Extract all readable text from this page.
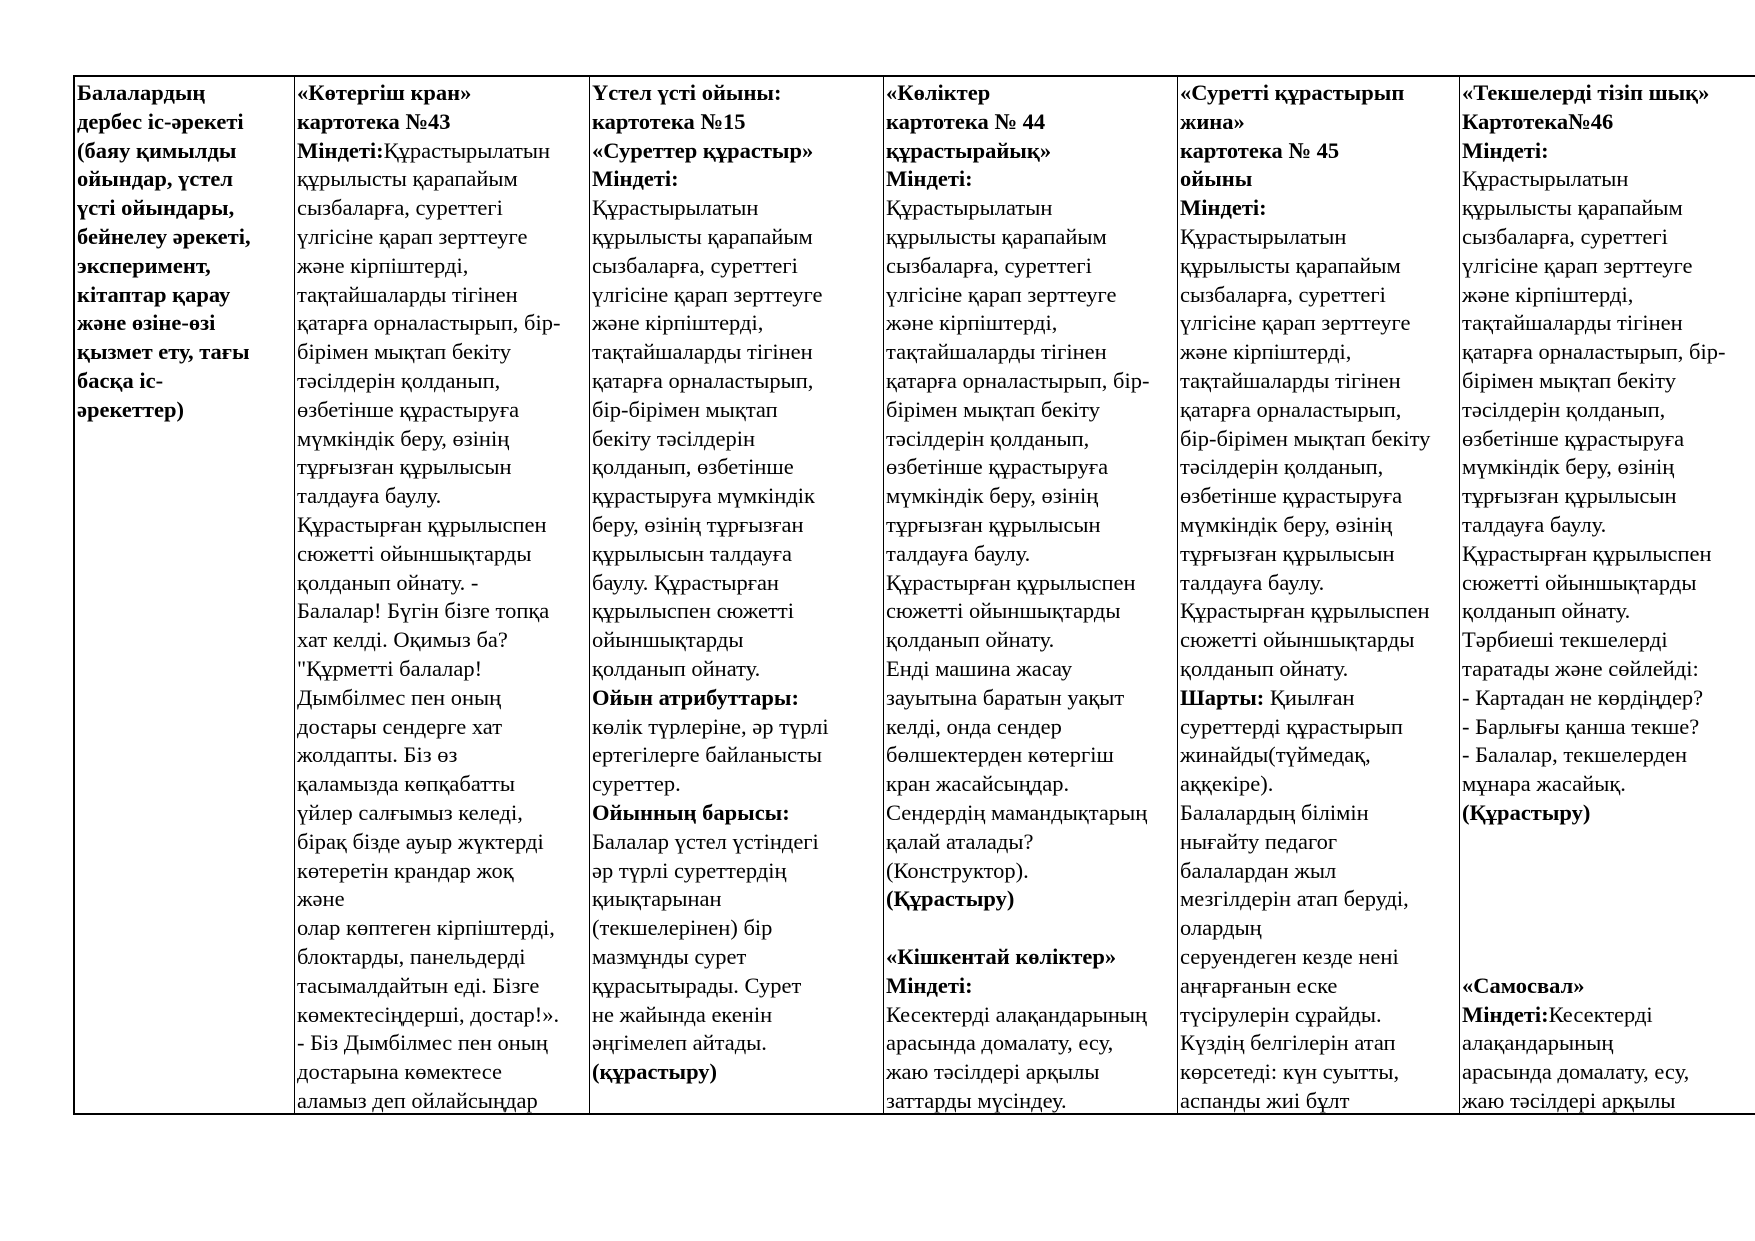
Балалардың
дербес іс-әрекеті
(баяу қимылды
ойындар, үстел
үсті ойындары,
бейнелеу әрекеті,
эксперимент,
кітаптар қарау
және өзіне-өзі
қызмет ету, тағы
басқа іс-
әрекеттер)
«Көтергіш кран»
картотека №43
Міндеті:Құрастырылатын
құрылысты қарапайым
сызбаларға, суреттегі
үлгісіне қарап зерттеуге
және кірпіштерді,
тақтайшаларды тігінен
қатарға орналастырып, бір-
бірімен мықтап бекіту
тәсілдерін қолданып,
өзбетінше құрастыруға
мүмкіндік беру, өзінің
тұрғызған құрылысын
талдауға баулу.
Құрастырған құрылыспен
сюжетті ойыншықтарды
қолданып ойнату. -
Балалар! Бүгін бізге топқа
хат келді. Оқимыз ба?
"Құрметті балалар!
Дымбілмес пен оның
достары сендерге хат
жолдапты. Біз өз
қаламызда көпқабатты
үйлер салғымыз келеді,
бірақ бізде ауыр жүктерді
көтеретін крандар жоқ
және
олар көптеген кірпіштерді,
блоктарды, панельдерді
тасымалдайтын еді. Бізге
көмектесіңдерші, достар!».
- Біз Дымбілмес пен оның
достарына көмектесе
аламыз деп ойлайсыңдар
Үстел үсті ойыны:
картотека №15
«Суреттер құрастыр»
Міндеті:
Құрастырылатын
құрылысты қарапайым
сызбаларға, суреттегі
үлгісіне қарап зерттеуге
және кірпіштерді,
тақтайшаларды тігінен
қатарға орналастырып,
бір-бірімен мықтап
бекіту тәсілдерін
қолданып, өзбетінше
құрастыруға мүмкіндік
беру, өзінің тұрғызған
құрылысын талдауға
баулу. Құрастырған
құрылыспен сюжетті
ойыншықтарды
қолданып ойнату.
Ойын атрибуттары:
көлік түрлеріне, әр түрлі
ертегілерге байланысты
суреттер.
Ойынның барысы:
Балалар үстел үстіндегі
әр түрлі суреттердің
қиықтарынан
(текшелерінен) бір
мазмұнды сурет
құрасытырады. Сурет
не жайында екенін
әңгімелеп айтады.
(құрастыру)
«Көліктер
картотека № 44
құрастырайық»
Міндеті:
Құрастырылатын
құрылысты қарапайым
сызбаларға, суреттегі
үлгісіне қарап зерттеуге
және кірпіштерді,
тақтайшаларды тігінен
қатарға орналастырып, бір-
бірімен мықтап бекіту
тәсілдерін қолданып,
өзбетінше құрастыруға
мүмкіндік беру, өзінің
тұрғызған құрылысын
талдауға баулу.
Құрастырған құрылыспен
сюжетті ойыншықтарды
қолданып ойнату.
Енді машина жасау
зауытына баратын уақыт
келді, онда сендер
бөлшектерден көтергіш
кран жасайсыңдар.
Сендердің мамандықтарың
қалай аталады?
(Конструктор).
(Құрастыру)
«Кішкентай көліктер»
Міндеті:
Кесектерді алақандарының
арасында домалату, есу,
жаю тәсілдері арқылы
заттарды мүсіндеу.
«Суретті құрастырып
жина»
картотека № 45
ойыны
Міндеті:
Құрастырылатын
құрылысты қарапайым
сызбаларға, суреттегі
үлгісіне қарап зерттеуге
және кірпіштерді,
тақтайшаларды тігінен
қатарға орналастырып,
бір-бірімен мықтап бекіту
тәсілдерін қолданып,
өзбетінше құрастыруға
мүмкіндік беру, өзінің
тұрғызған құрылысын
талдауға баулу.
Құрастырған құрылыспен
сюжетті ойыншықтарды
қолданып ойнату.
Шарты: Қиылған
суреттерді құрастырып
жинайды(түймедақ,
аққекіре).
Балалардың білімін
нығайту педагог
балалардан жыл
мезгілдерін атап беруді,
олардың
серуендеген кезде нені
аңғарғанын еске
түсірулерін сұрайды.
Күздің белгілерін атап
көрсетеді: күн суытты,
аспанды жиі бұлт
«Текшелерді тізіп шық»
Картотека№46
Міндеті:
Құрастырылатын
құрылысты қарапайым
сызбаларға, суреттегі
үлгісіне қарап зерттеуге
және кірпіштерді,
тақтайшаларды тігінен
қатарға орналастырып, бір-
бірімен мықтап бекіту
тәсілдерін қолданып,
өзбетінше құрастыруға
мүмкіндік беру, өзінің
тұрғызған құрылысын
талдауға баулу.
Құрастырған құрылыспен
сюжетті ойыншықтарды
қолданып ойнату.
Тәрбиеші текшелерді
таратады және сөйлейді:
- Картадан не көрдіңдер?
- Барлығы қанша текше?
- Балалар, текшелерден
мұнара жасайық.
(Құрастыру)
«Самосвал»
Міндеті:Кесектерді
алақандарының
арасында домалату, есу,
жаю тәсілдері арқылы
